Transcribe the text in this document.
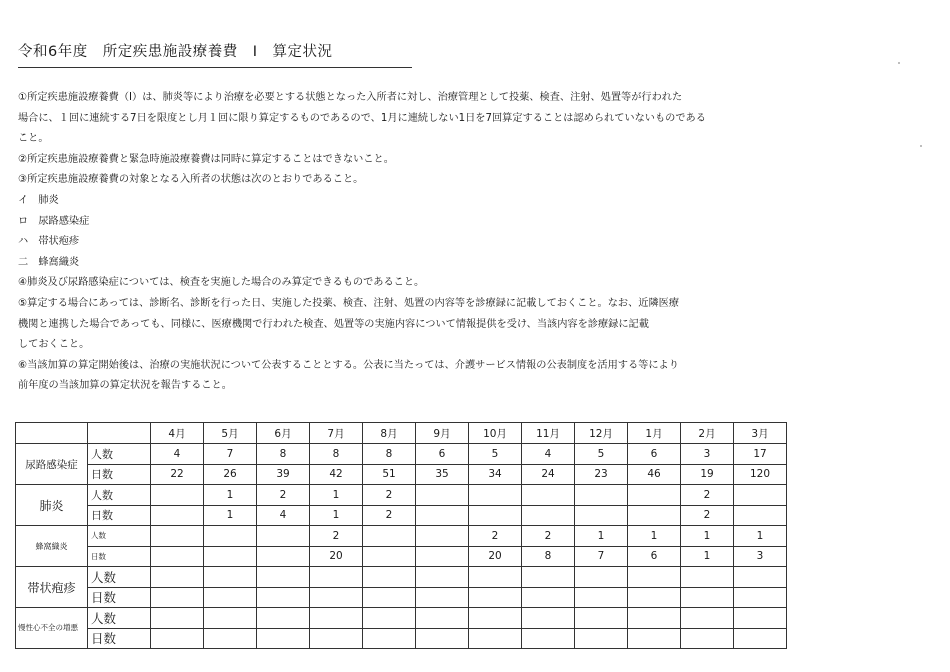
令和6年度　所定疾患施設療養費　Ⅰ　算定状況
①所定疾患施設療養費（Ⅰ）は、肺炎等により治療を必要とする状態となった入所者に対し、治療管理として投薬、検査、注射、処置等が行われた
場合に、１回に連続する7日を限度とし月１回に限り算定するものであるので、1月に連続しない1日を7回算定することは認められていないものである
こと。
②所定疾患施設療養費と緊急時施設療養費は同時に算定することはできないこと。
③所定疾患施設療養費の対象となる入所者の状態は次のとおりであること。
イ　肺炎
ロ　尿路感染症
ハ　帯状疱疹
二　蜂窩織炎
④肺炎及び尿路感染症については、検査を実施した場合のみ算定できるものであること。
⑤算定する場合にあっては、診断名、診断を行った日、実施した投薬、検査、注射、処置の内容等を診療録に記載しておくこと。なお、近隣医療
機関と連携した場合であっても、同様に、医療機関で行われた検査、処置等の実施内容について情報提供を受け、当該内容を診療録に記載
しておくこと。
⑥当該加算の算定開始後は、治療の実施状況について公表することとする。公表に当たっては、介護サービス情報の公表制度を活用する等により
前年度の当該加算の算定状況を報告すること。
		4月	5月	6月	7月	8月	9月	10月	11月	12月	1月	2月	3月
尿路感染症	人数	4	7	8	8	8	6	5	4	5	6	3	17
	日数	22	26	39	42	51	35	34	24	23	46	19	120
肺炎	人数		1	2	1	2						2	
	日数		1	4	1	2						2	
蜂窩織炎	人数				2			2	2	1	1	1	1
	日数				20			20	8	7	6	1	3
帯状疱疹	人数												
	日数												
慢性心不全の増悪	人数												
	日数												
